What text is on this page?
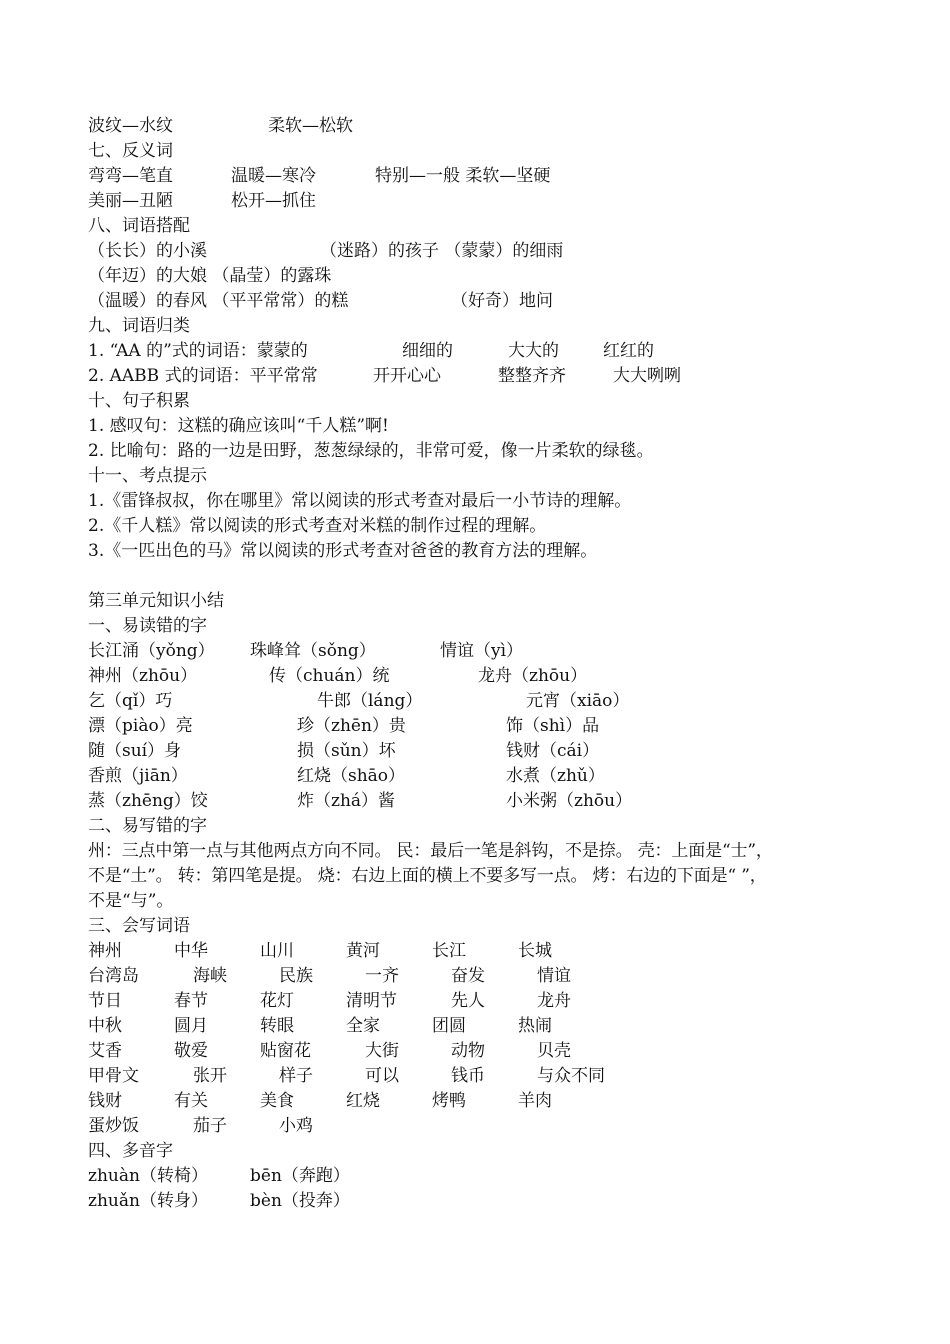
波纹—水纹	柔软—松软
七、反义词
弯弯—笔直	温暖—寒冷	特别—一般 柔软—坚硬
美丽—丑陋	松开—抓住
八、词语搭配
（长长）的小溪	（迷路）的孩子 （蒙蒙）的细雨
（年迈）的大娘 （晶莹）的露珠
（温暖）的春风 （平平常常）的糕	（好奇）地问
九、词语归类
1. “AA 的”式的词语：蒙蒙的	细细的	大大的	红红的
2. AABB 式的词语：平平常常	开开心心	整整齐齐	大大咧咧
十、句子积累
1. 感叹句：这糕的确应该叫“千人糕”啊!
2. 比喻句：路的一边是田野，葱葱绿绿的，非常可爱，像一片柔软的绿毯。
十一、考点提示
1.《雷锋叔叔，你在哪里》常以阅读的形式考查对最后一小节诗的理解。
2.《千人糕》常以阅读的形式考查对米糕的制作过程的理解。
3.《一匹出色的马》常以阅读的形式考查对爸爸的教育方法的理解。
第三单元知识小结
一、易读错的字
长江涌（yǒng） 珠峰耸（sǒng）	情谊（yì）
神州（zhōu）	传（chuán）统	龙舟（zhōu）
乞（qǐ）巧	牛郎（láng）	元宵（xiāo）
漂（piào）亮	珍（zhēn）贵	饰（shì）品
随（suí）身	损（sǔn）坏	钱财（cái）
香煎（jiān）	红烧（shāo）	水煮（zhǔ）
蒸（zhēng）饺	炸（zhá）酱	小米粥（zhōu）
二、易写错的字
州：三点中第一点与其他两点方向不同。 民：最后一笔是斜钩，不是捺。 壳：上面是“士”，
不是“土”。 转：第四笔是提。 烧：右边上面的横上不要多写一点。 烤：右边的下面是“ ”，
不是“与”。
三、会写词语
神州	中华	山川	黄河	长江	长城
台湾岛	海峡	民族	一齐	奋发	情谊
节日	春节	花灯	清明节	先人	龙舟
中秋	圆月	转眼	全家	团圆	热闹
艾香	敬爱	贴窗花	大街	动物	贝壳
甲骨文	张开	样子	可以	钱币	与众不同
钱财	有关	美食	红烧	烤鸭	羊肉
蛋炒饭	茄子	小鸡
四、多音字
zhuàn（转椅） bēn（奔跑）
zhuǎn（转身） bèn（投奔）
